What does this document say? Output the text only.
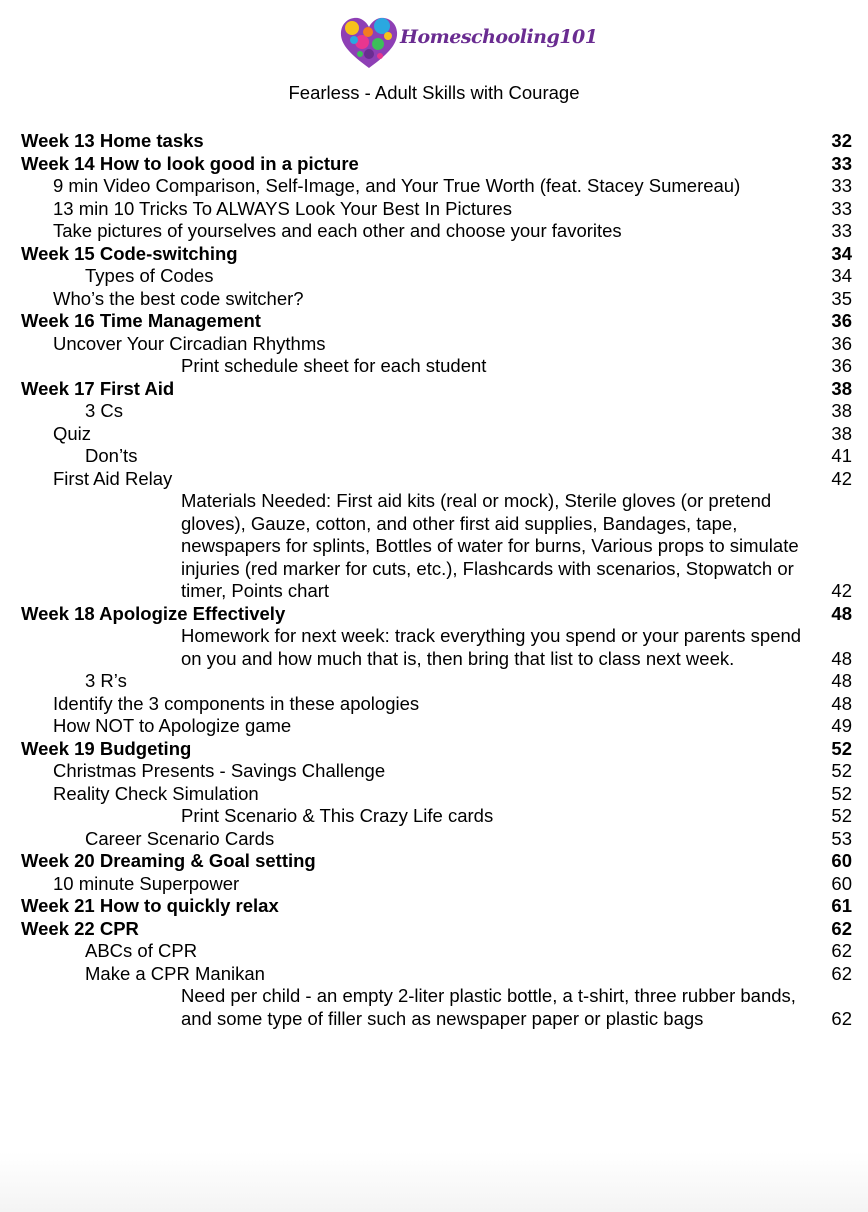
Homeschooling101
Fearless - Adult Skills with Courage
Week 13 Home tasks	32
Week 14 How to look good in a picture	33
9 min Video Comparison, Self-Image, and Your True Worth (feat. Stacey Sumereau)	33
13 min 10 Tricks To ALWAYS Look Your Best In Pictures	33
Take pictures of yourselves and each other and choose your favorites	33
Week 15 Code-switching	34
Types of Codes	34
Who’s the best code switcher?	35
Week 16 Time Management	36
Uncover Your Circadian Rhythms	36
Print schedule sheet for each student	36
Week 17 First Aid	38
3 Cs	38
Quiz	38
Don’ts	41
First Aid Relay	42
Materials Needed: First aid kits (real or mock), Sterile gloves (or pretend gloves), Gauze, cotton, and other first aid supplies, Bandages, tape, newspapers for splints, Bottles of water for burns, Various props to simulate injuries (red marker for cuts, etc.), Flashcards with scenarios, Stopwatch or timer, Points chart	42
Week 18 Apologize Effectively	48
Homework for next week: track everything you spend or your parents spend on you and how much that is, then bring that list to class next week.	48
3 R’s	48
Identify the 3 components in these apologies	48
How NOT to Apologize game	49
Week 19 Budgeting	52
Christmas Presents - Savings Challenge	52
Reality Check Simulation	52
Print Scenario & This Crazy Life cards	52
Career Scenario Cards	53
Week 20 Dreaming & Goal setting	60
10 minute Superpower	60
Week 21 How to quickly relax	61
Week 22 CPR	62
ABCs of CPR	62
Make a CPR Manikan	62
Need per child - an empty 2-liter plastic bottle, a t-shirt, three rubber bands, and some type of filler such as newspaper paper or plastic bags	62
